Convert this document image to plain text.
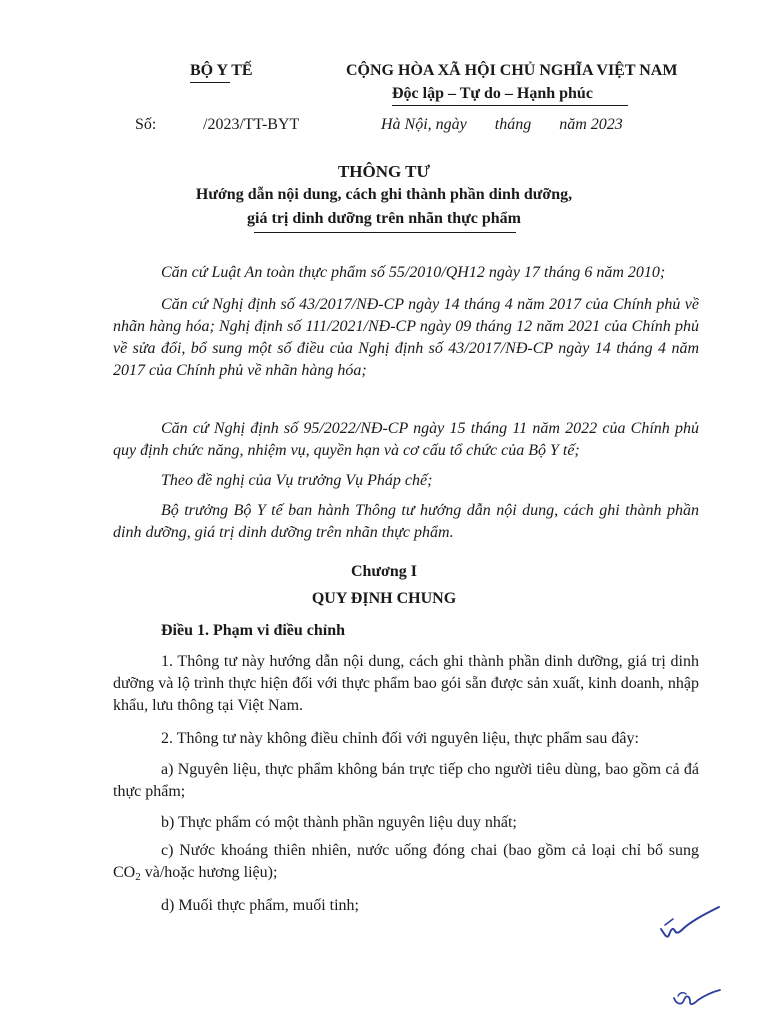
BỘ Y TẾ	CỘNG HÒA XÃ HỘI CHỦ NGHĨA VIỆT NAM
Độc lập – Tự do – Hạnh phúc
Số:	/2023/TT-BYT	Hà Nội, ngày       tháng       năm 2023
THÔNG TƯ
Hướng dẫn nội dung, cách ghi thành phần dinh dưỡng,
giá trị dinh dưỡng trên nhãn thực phẩm

Căn cứ Luật An toàn thực phẩm số 55/2010/QH12 ngày 17 tháng 6 năm 2010;

Căn cứ Nghị định số 43/2017/NĐ-CP ngày 14 tháng 4 năm 2017 của Chính phủ về nhãn hàng hóa; Nghị định số 111/2021/NĐ-CP ngày 09 tháng 12 năm 2021 của Chính phủ về sửa đổi, bổ sung một số điều của Nghị định số 43/2017/NĐ-CP ngày 14 tháng 4 năm 2017 của Chính phủ về nhãn hàng hóa;

Căn cứ Nghị định số 95/2022/NĐ-CP ngày 15 tháng 11 năm 2022 của Chính phủ quy định chức năng, nhiệm vụ, quyền hạn và cơ cấu tổ chức của Bộ Y tế;

Theo đề nghị của Vụ trưởng Vụ Pháp chế;

Bộ trưởng Bộ Y tế ban hành Thông tư hướng dẫn nội dung, cách ghi thành phần dinh dưỡng, giá trị dinh dưỡng trên nhãn thực phẩm.

Chương I
QUY ĐỊNH CHUNG
Điều 1. Phạm vi điều chỉnh

1. Thông tư này hướng dẫn nội dung, cách ghi thành phần dinh dưỡng, giá trị dinh dưỡng và lộ trình thực hiện đối với thực phẩm bao gói sẵn được sản xuất, kinh doanh, nhập khẩu, lưu thông tại Việt Nam.

2. Thông tư này không điều chỉnh đối với nguyên liệu, thực phẩm sau đây:

a) Nguyên liệu, thực phẩm không bán trực tiếp cho người tiêu dùng, bao gồm cả đá thực phẩm;

b) Thực phẩm có một thành phần nguyên liệu duy nhất;

c) Nước khoáng thiên nhiên, nước uống đóng chai (bao gồm cả loại chỉ bổ sung $CO_2$ và/hoặc hương liệu);

d) Muối thực phẩm, muối tinh;
